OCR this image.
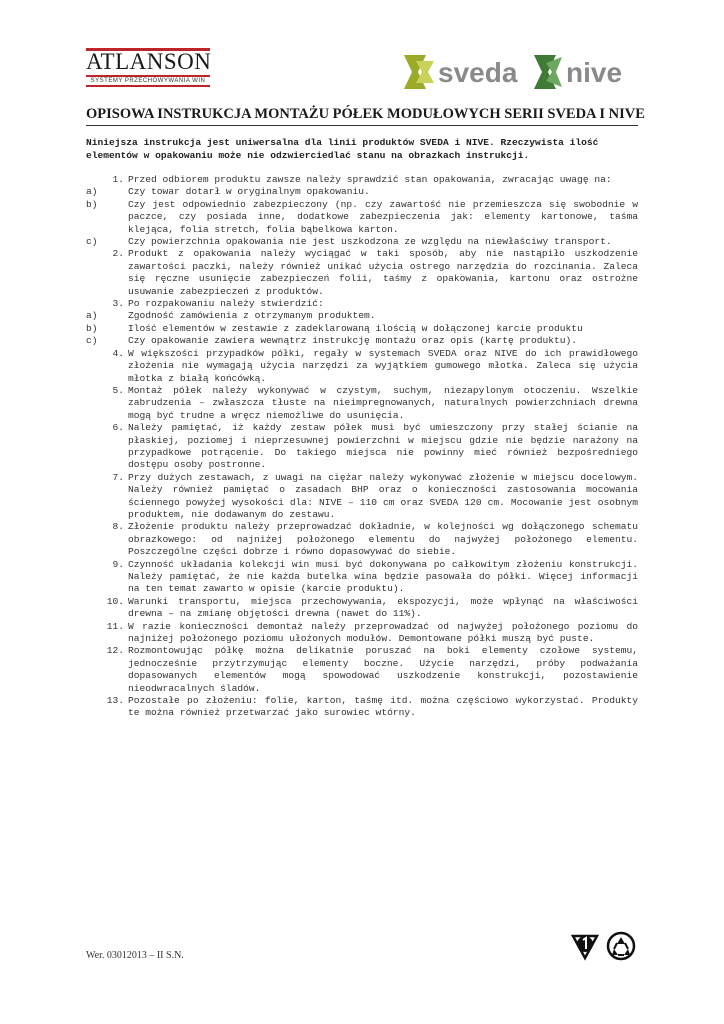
ATLANSON
SYSTEMY PRZECHOWYWANIA WIN	sveda nive
OPISOWA INSTRUKCJA MONTAŻU PÓŁEK MODUŁOWYCH SERII SVEDA I NIVE
Niniejsza instrukcja jest uniwersalna dla linii produktów SVEDA i NIVE. Rzeczywista ilość elementów w opakowaniu może nie odzwierciedlać stanu na obrazkach instrukcji.
1. Przed odbiorem produktu zawsze należy sprawdzić stan opakowania, zwracając uwagę na:
a)	Czy towar dotarł w oryginalnym opakowaniu.
b)	Czy jest odpowiednio zabezpieczony (np. czy zawartość nie przemieszcza się swobodnie w paczce, czy posiada inne, dodatkowe zabezpieczenia jak: elementy kartonowe, taśma klejąca, folia stretch, folia bąbelkowa karton.
c)	Czy powierzchnia opakowania nie jest uszkodzona ze względu na niewłaściwy transport.
2. Produkt z opakowania należy wyciągać w taki sposób, aby nie nastąpiło uszkodzenie zawartości paczki, należy również unikać użycia ostrego narzędzia do rozcinania. Zaleca się ręczne usunięcie zabezpieczeń folii, taśmy z opakowania, kartonu oraz ostrożne usuwanie zabezpieczeń z produktów.
3. Po rozpakowaniu należy stwierdzić:
a)	Zgodność zamówienia z otrzymanym produktem.
b)	Ilość elementów w zestawie z zadeklarowaną ilością w dołączonej karcie produktu
c)	Czy opakowanie zawiera wewnątrz instrukcję montażu oraz opis (kartę produktu).
4. W większości przypadków półki, regały w systemach SVEDA oraz NIVE do ich prawidłowego złożenia nie wymagają użycia narzędzi za wyjątkiem gumowego młotka. Zaleca się użycia młotka z białą końcówką.
5. Montaż półek należy wykonywać w czystym, suchym, niezapylonym otoczeniu. Wszelkie zabrudzenia – zwłaszcza tłuste na nieimpregnowanych, naturalnych powierzchniach drewna mogą być trudne a wręcz niemożliwe do usunięcia.
6. Należy pamiętać, iż każdy zestaw półek musi być umieszczony przy stałej ścianie na płaskiej, poziomej i nieprzesuwnej powierzchni w miejscu gdzie nie będzie narażony na przypadkowe potrącenie. Do takiego miejsca nie powinny mieć również bezpośredniego dostępu osoby postronne.
7. Przy dużych zestawach, z uwagi na ciężar należy wykonywać złożenie w miejscu docelowym. Należy również pamiętać o zasadach BHP oraz o konieczności zastosowania mocowania ściennego powyżej wysokości dla: NIVE – 110 cm oraz SVEDA 120 cm. Mocowanie jest osobnym produktem, nie dodawanym do zestawu.
8. Złożenie produktu należy przeprowadzać dokładnie, w kolejności wg dołączonego schematu obrazkowego: od najniżej położonego elementu do najwyżej położonego elementu. Poszczególne części dobrze i równo dopasowywać do siebie.
9. Czynność układania kolekcji win musi być dokonywana po całkowitym złożeniu konstrukcji. Należy pamiętać, że nie każda butelka wina będzie pasowała do półki. Więcej informacji na ten temat zawarto w opisie (karcie produktu).
10. Warunki transportu, miejsca przechowywania, ekspozycji, może wpłynąć na właściwości drewna – na zmianę objętości drewna (nawet do 11%).
11. W razie konieczności demontaż należy przeprowadzać od najwyżej położonego poziomu do najniżej położonego poziomu ułożonych modułów. Demontowane półki muszą być puste.
12. Rozmontowując półkę można delikatnie poruszać na boki elementy czołowe systemu, jednocześnie przytrzymując elementy boczne. Użycie narzędzi, próby podważania dopasowanych elementów mogą spowodować uszkodzenie konstrukcji, pozostawienie nieodwracalnych śladów.
13. Pozostałe po złożeniu: folie, karton, taśmę itd. można częściowo wykorzystać. Produkty te można również przetwarzać jako surowiec wtórny.
Wer. 03012013 – II S.N.
